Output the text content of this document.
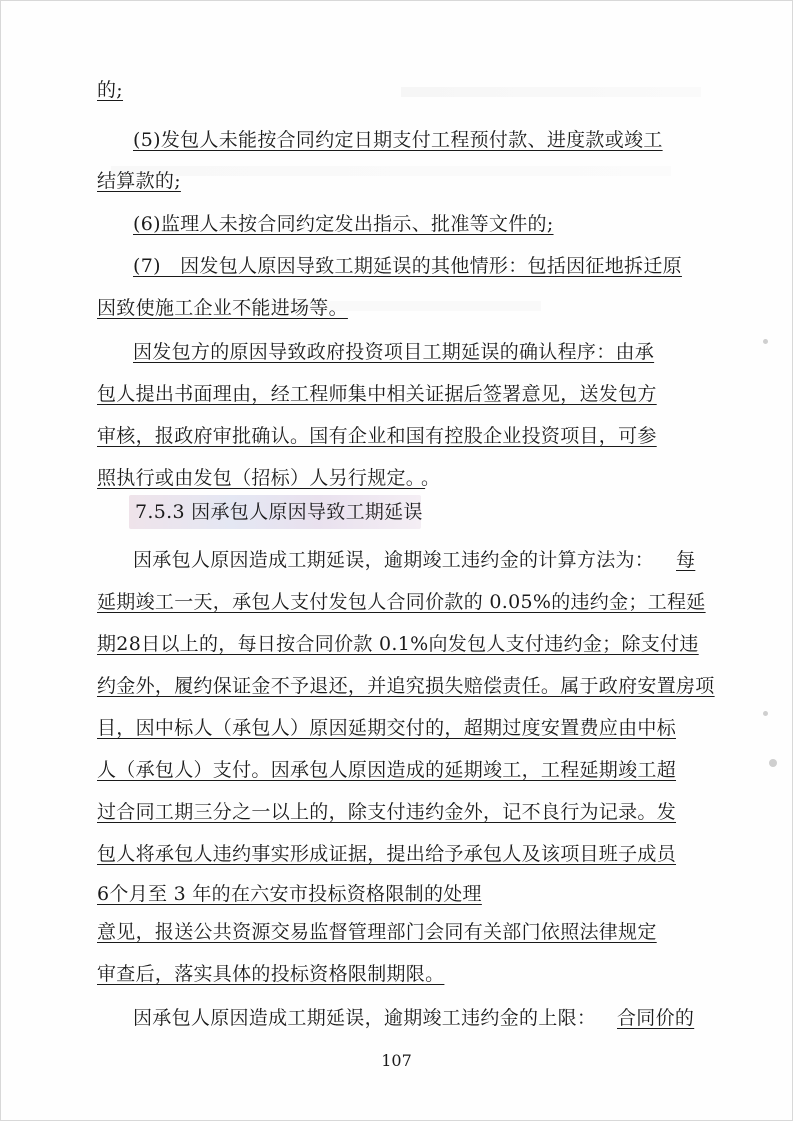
的;
(5)发包人未能按合同约定日期支付工程预付款、进度款或竣工
结算款的;
(6)监理人未按合同约定发出指示、批准等文件的;
(7)　因发包人原因导致工期延误的其他情形：包括因征地拆迁原
因致使施工企业不能进场等。
因发包方的原因导致政府投资项目工期延误的确认程序：由承
包人提出书面理由，经工程师集中相关证据后签署意见，送发包方
审核，报政府审批确认。国有企业和国有控股企业投资项目，可参
照执行或由发包（招标）人另行规定。
。
7.5.3 因承包人原因导致工期延误
因承包人原因造成工期延误，逾期竣工违约金的计算方法为： 每
延期竣工一天，承包人支付发包人合同价款的 0.05%的违约金；工程延
期28日以上的，每日按合同价款 0.1%向发包人支付违约金；除支付违
约金外，履约保证金不予退还，并追究损失赔偿责任。属于政府安置房项
目，因中标人（承包人）原因延期交付的，超期过度安置费应由中标
人（承包人）支付。因承包人原因造成的延期竣工，工程延期竣工超
过合同工期三分之一以上的，除支付违约金外，记不良行为记录。发
包人将承包人违约事实形成证据，提出给予承包人及该项目班子成员
6个月至 3 年的在六安市投标资格限制的处理
意见，报送公共资源交易监督管理部门会同有关部门依照法律规定
审查后，落实具体的投标资格限制期限。
因承包人原因造成工期延误，逾期竣工违约金的上限： 合同价的
107
